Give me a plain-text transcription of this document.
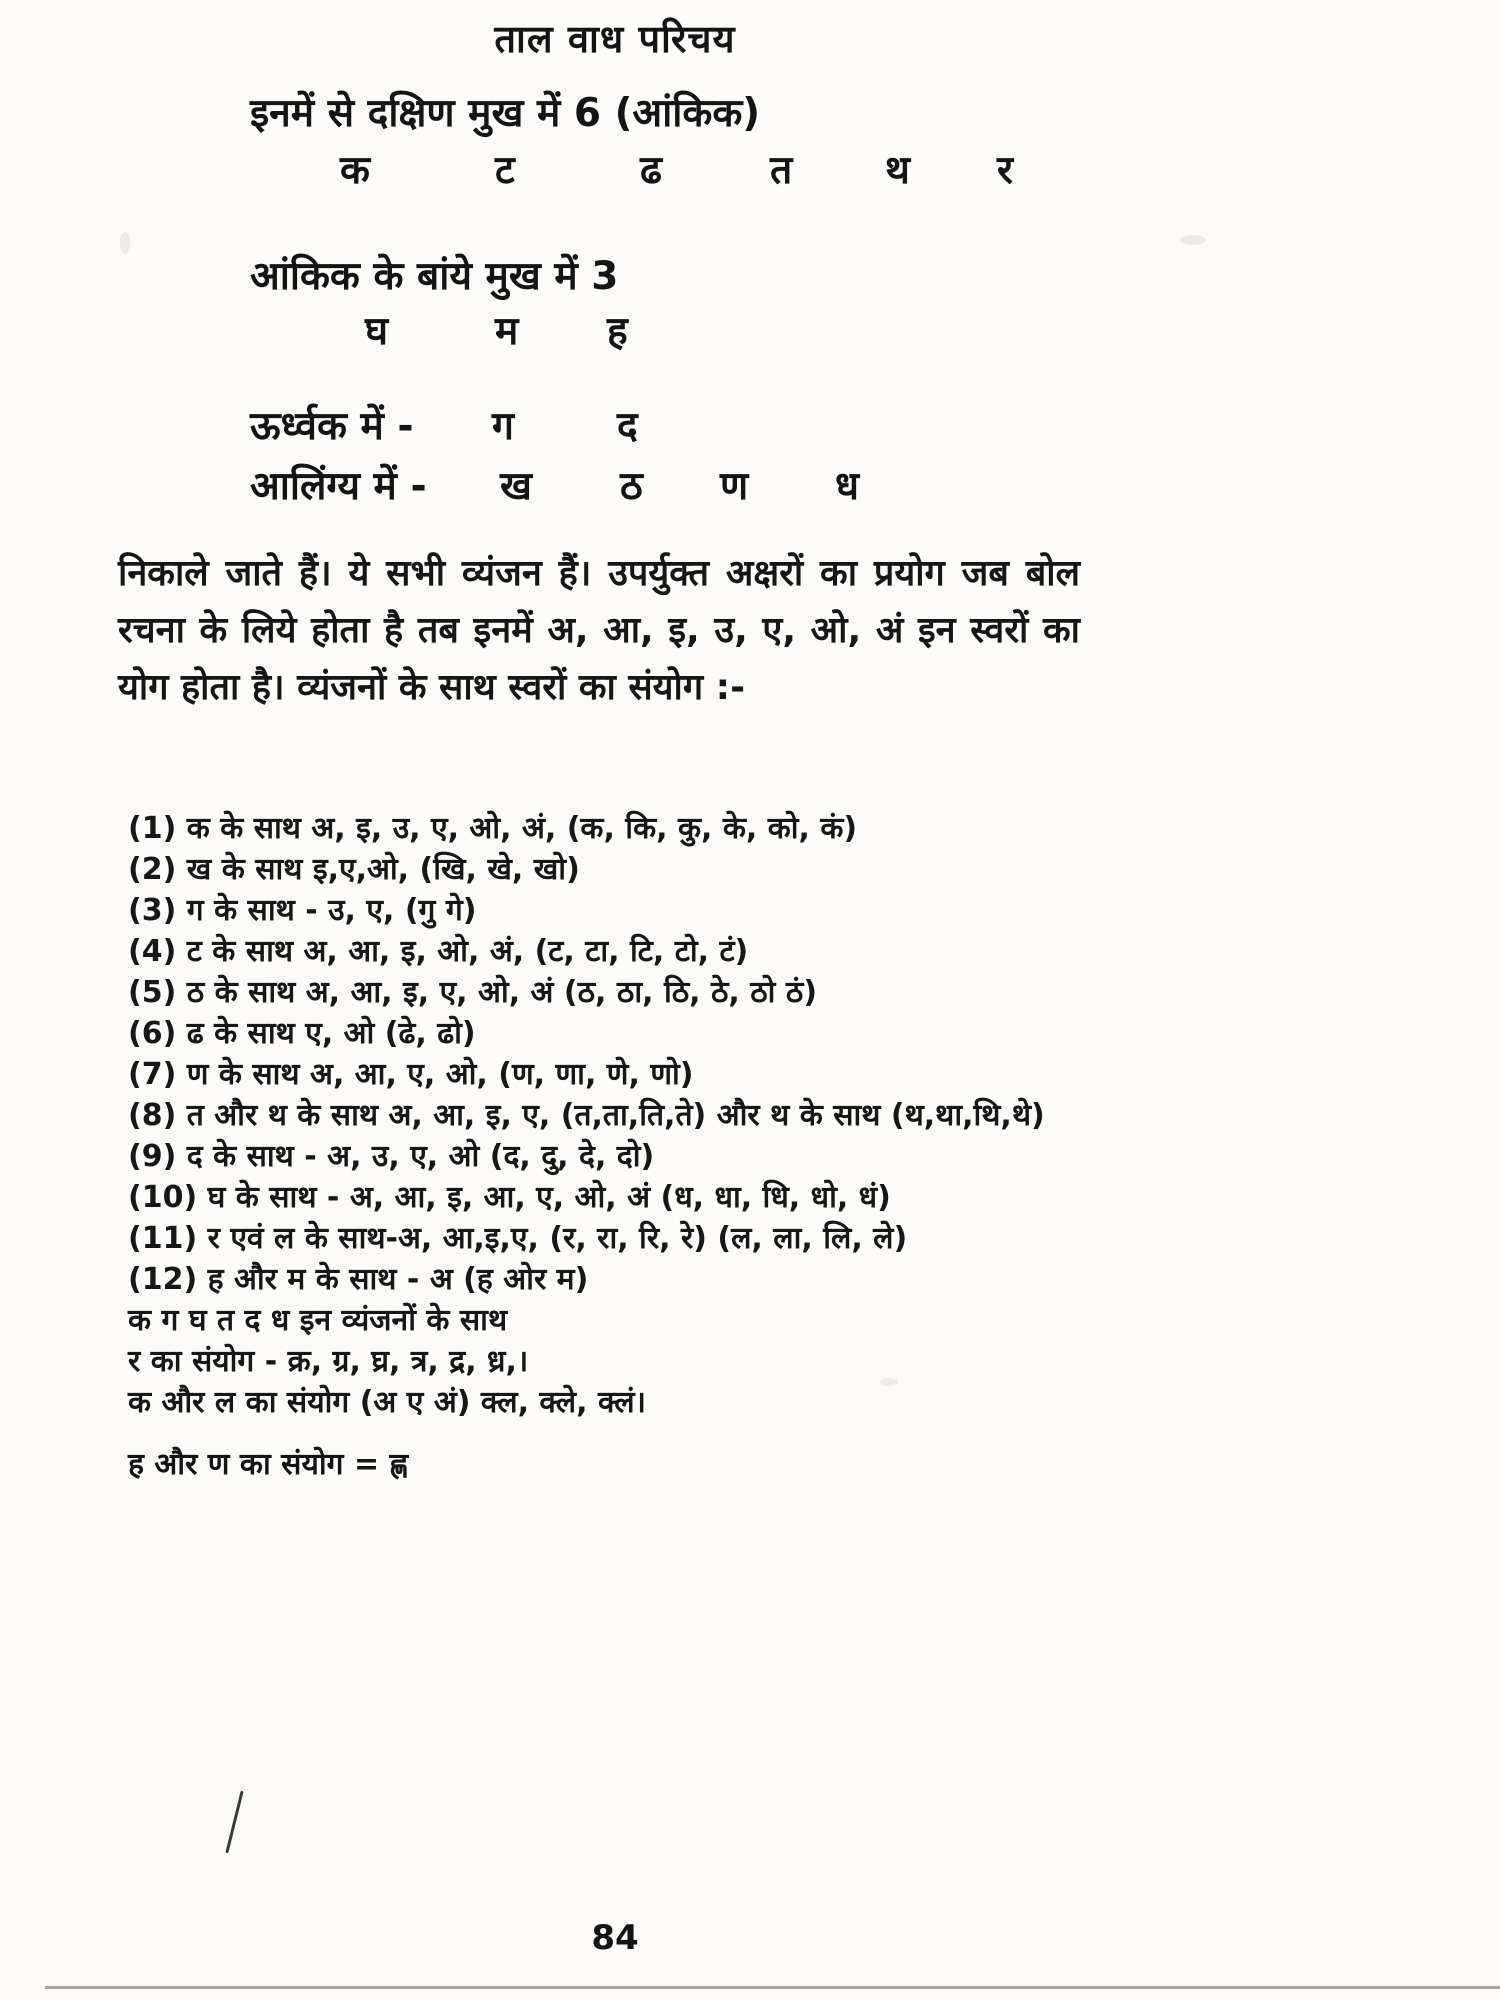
ताल वाध परिचय
इनमें से दक्षिण मुख में 6 (आंकिक)
क	ट	ढ	त	थ	र
आंकिक के बांये मुख में 3
घ	म	ह
ऊर्ध्वक में -	ग	द
आलिंग्य में -	ख	ठ	ण	ध
निकाले जाते हैं। ये सभी व्यंजन हैं। उपर्युक्त अक्षरों का प्रयोग जब बोल रचना के लिये होता है तब इनमें अ, आ, इ, उ, ए, ओ, अं इन स्वरों का योग होता है। व्यंजनों के साथ स्वरों का संयोग :-
(1) क के साथ अ, इ, उ, ए, ओ, अं, (क, कि, कु, के, को, कं)
(2) ख के साथ इ,ए,ओ, (खि, खे, खो)
(3) ग के साथ - उ, ए, (गु गे)
(4) ट के साथ अ, आ, इ, ओ, अं, (ट, टा, टि, टो, टं)
(5) ठ के साथ अ, आ, इ, ए, ओ, अं (ठ, ठा, ठि, ठे, ठो ठं)
(6) ढ के साथ ए, ओ (ढे, ढो)
(7) ण के साथ अ, आ, ए, ओ, (ण, णा, णे, णो)
(8) त और थ के साथ अ, आ, इ, ए, (त,ता,ति,ते) और थ के साथ (थ,था,थि,थे)
(9) द के साथ - अ, उ, ए, ओ (द, दु, दे, दो)
(10) घ के साथ - अ, आ, इ, आ, ए, ओ, अं (ध, धा, धि, धो, धं)
(11) र एवं ल के साथ-अ, आ,इ,ए, (र, रा, रि, रे) (ल, ला, लि, ले)
(12) ह और म के साथ - अ (ह ओर म)
क ग घ त द ध इन व्यंजनों के साथ
र का संयोग - क्र, ग्र, घ्र, त्र, द्र, ध्र,।
क और ल का संयोग (अ ए अं) क्ल, क्ले, क्लं।
ह और ण का संयोग = ह्ण
84
